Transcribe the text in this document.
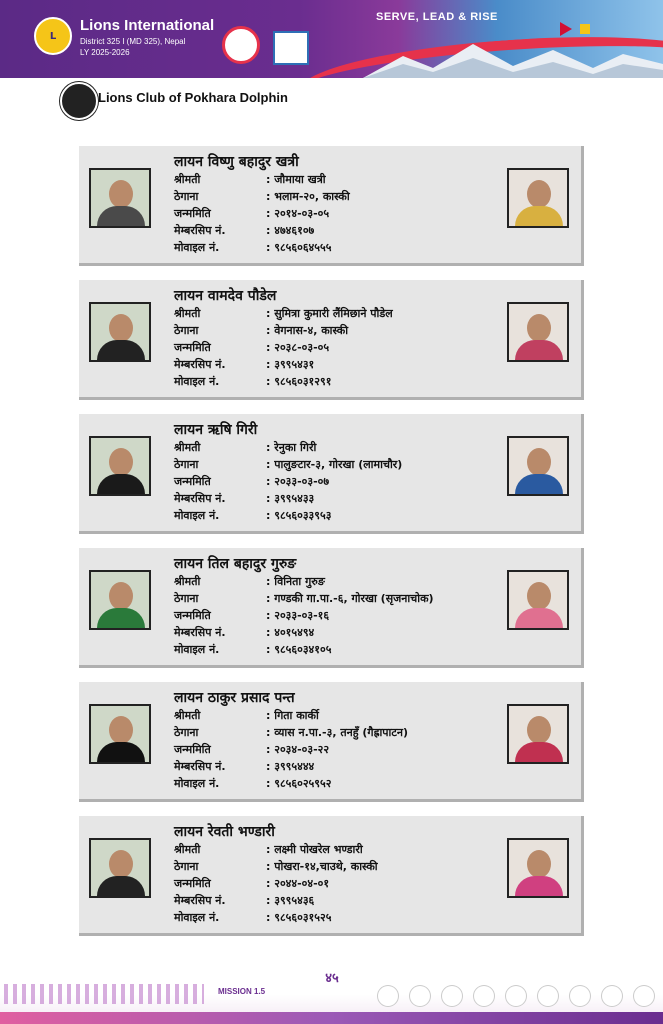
L
Lions International
District 325 I (MD 325), Nepal
LY 2025-2026
SERVE, LEAD & RISE
Lions Club of Pokhara Dolphin
लायन विष्णु बहादुर खत्री
श्रीमती	: जौमाया खत्री
ठेगाना	: भलाम-२०, कास्की
जन्ममिति	: २०१४-०३-०५
मेम्बरसिप नं.	: ४७४६१०७
मोवाइल नं.	: ९८५६०६४५५५
लायन वामदेव पौडेल
श्रीमती	: सुमित्रा कुमारी लैंमिछाने पौडेल
ठेगाना	: वेगनास-४, कास्की
जन्ममिति	: २०३८-०३-०५
मेम्बरसिप नं.	: ३९९५४३१
मोवाइल नं.	: ९८५६०३१२९१
लायन ऋषि गिरी
श्रीमती	: रेनुका गिरी
ठेगाना	: पालुङटार-३, गोरखा (लामाचौर)
जन्ममिति	: २०३३-०३-०७
मेम्बरसिप नं.	: ३९९५४३३
मोवाइल नं.	: ९८५६०३३९५३
लायन तिल बहादुर गुरुङ
श्रीमती	: विनिता गुरुङ
ठेगाना	: गण्डकी गा.पा.-६, गोरखा (सृजनाचोक)
जन्ममिति	: २०३३-०३-१६
मेम्बरसिप नं.	: ४०१५४९४
मोवाइल नं.	: ९८५६०३४१०५
लायन ठाकुर प्रसाद पन्त
श्रीमती	: गिता कार्की
ठेगाना	: व्यास न.पा.-३, तनहुँ (गैह्रापाटन)
जन्ममिति	: २०३४-०३-२२
मेम्बरसिप नं.	: ३९९५४४४
मोवाइल नं.	: ९८५६०२५९५२
लायन रेवती भण्डारी
श्रीमती	: लक्ष्मी पोखरेल भण्डारी
ठेगाना	: पोखरा-१४,चाउथे, कास्की
जन्ममिति	: २०४४-०४-०१
मेम्बरसिप नं.	: ३९९५४३६
मोवाइल नं.	: ९८५६०३१५२५
MISSION 1.5
४५
